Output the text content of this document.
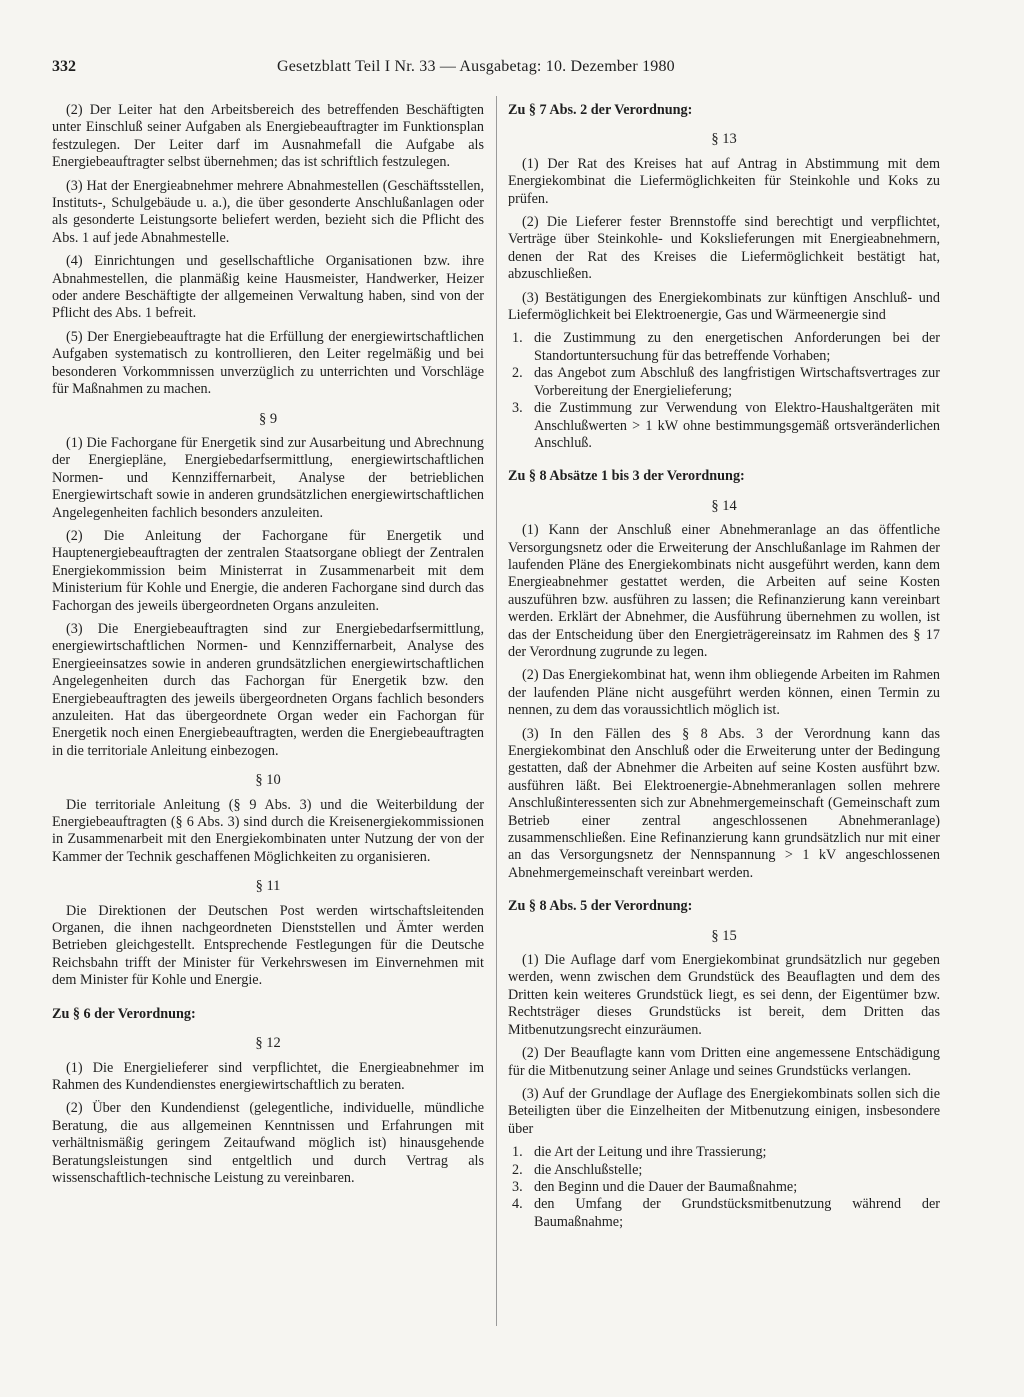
332	Gesetzblatt Teil I Nr. 33 — Ausgabetag: 10. Dezember 1980

(2) Der Leiter hat den Arbeitsbereich des betreffenden Beschäftigten unter Einschluß seiner Aufgaben als Energiebeauftragter im Funktionsplan festzulegen. Der Leiter darf im Ausnahmefall die Aufgabe als Energiebeauftragter selbst übernehmen; das ist schriftlich festzulegen.

(3) Hat der Energieabnehmer mehrere Abnahmestellen (Geschäftsstellen, Instituts-, Schulgebäude u. a.), die über gesonderte Anschlußanlagen oder als gesonderte Leistungsorte beliefert werden, bezieht sich die Pflicht des Abs. 1 auf jede Abnahmestelle.

(4) Einrichtungen und gesellschaftliche Organisationen bzw. ihre Abnahmestellen, die planmäßig keine Hausmeister, Handwerker, Heizer oder andere Beschäftigte der allgemeinen Verwaltung haben, sind von der Pflicht des Abs. 1 befreit.

(5) Der Energiebeauftragte hat die Erfüllung der energiewirtschaftlichen Aufgaben systematisch zu kontrollieren, den Leiter regelmäßig und bei besonderen Vorkommnissen unverzüglich zu unterrichten und Vorschläge für Maßnahmen zu machen.

§ 9

(1) Die Fachorgane für Energetik sind zur Ausarbeitung und Abrechnung der Energiepläne, Energiebedarfsermittlung, energiewirtschaftlichen Normen- und Kennziffernarbeit, Analyse der betrieblichen Energiewirtschaft sowie in anderen grundsätzlichen energiewirtschaftlichen Angelegenheiten fachlich besonders anzuleiten.

(2) Die Anleitung der Fachorgane für Energetik und Hauptenergiebeauftragten der zentralen Staatsorgane obliegt der Zentralen Energiekommission beim Ministerrat in Zusammenarbeit mit dem Ministerium für Kohle und Energie, die anderen Fachorgane sind durch das Fachorgan des jeweils übergeordneten Organs anzuleiten.

(3) Die Energiebeauftragten sind zur Energiebedarfsermittlung, energiewirtschaftlichen Normen- und Kennziffernarbeit, Analyse des Energieeinsatzes sowie in anderen grundsätzlichen energiewirtschaftlichen Angelegenheiten durch das Fachorgan für Energetik bzw. den Energiebeauftragten des jeweils übergeordneten Organs fachlich besonders anzuleiten. Hat das übergeordnete Organ weder ein Fachorgan für Energetik noch einen Energiebeauftragten, werden die Energiebeauftragten in die territoriale Anleitung einbezogen.

§ 10

Die territoriale Anleitung (§ 9 Abs. 3) und die Weiterbildung der Energiebeauftragten (§ 6 Abs. 3) sind durch die Kreisenergiekommissionen in Zusammenarbeit mit den Energiekombinaten unter Nutzung der von der Kammer der Technik geschaffenen Möglichkeiten zu organisieren.

§ 11

Die Direktionen der Deutschen Post werden wirtschaftsleitenden Organen, die ihnen nachgeordneten Dienststellen und Ämter werden Betrieben gleichgestellt. Entsprechende Festlegungen für die Deutsche Reichsbahn trifft der Minister für Verkehrswesen im Einvernehmen mit dem Minister für Kohle und Energie.

Zu § 6 der Verordnung:
§ 12

(1) Die Energielieferer sind verpflichtet, die Energieabnehmer im Rahmen des Kundendienstes energiewirtschaftlich zu beraten.

(2) Über den Kundendienst (gelegentliche, individuelle, mündliche Beratung, die aus allgemeinen Kenntnissen und Erfahrungen mit verhältnismäßig geringem Zeitaufwand möglich ist) hinausgehende Beratungsleistungen sind entgeltlich und durch Vertrag als wissenschaftlich-technische Leistung zu vereinbaren.

Zu § 7 Abs. 2 der Verordnung:
§ 13

(1) Der Rat des Kreises hat auf Antrag in Abstimmung mit dem Energiekombinat die Liefermöglichkeiten für Steinkohle und Koks zu prüfen.

(2) Die Lieferer fester Brennstoffe sind berechtigt und verpflichtet, Verträge über Steinkohle- und Kokslieferungen mit Energieabnehmern, denen der Rat des Kreises die Liefermöglichkeit bestätigt hat, abzuschließen.

(3) Bestätigungen des Energiekombinats zur künftigen Anschluß- und Liefermöglichkeit bei Elektroenergie, Gas und Wärmeenergie sind

1. die Zustimmung zu den energetischen Anforderungen bei der Standortuntersuchung für das betreffende Vorhaben;
2. das Angebot zum Abschluß des langfristigen Wirtschaftsvertrages zur Vorbereitung der Energielieferung;
3. die Zustimmung zur Verwendung von Elektro-Haushaltgeräten mit Anschlußwerten > 1 kW ohne bestimmungsgemäß ortsveränderlichen Anschluß.
Zu § 8 Absätze 1 bis 3 der Verordnung:
§ 14

(1) Kann der Anschluß einer Abnehmeranlage an das öffentliche Versorgungsnetz oder die Erweiterung der Anschlußanlage im Rahmen der laufenden Pläne des Energiekombinats nicht ausgeführt werden, kann dem Energieabnehmer gestattet werden, die Arbeiten auf seine Kosten auszuführen bzw. ausführen zu lassen; die Refinanzierung kann vereinbart werden. Erklärt der Abnehmer, die Ausführung übernehmen zu wollen, ist das der Entscheidung über den Energieträgereinsatz im Rahmen des § 17 der Verordnung zugrunde zu legen.

(2) Das Energiekombinat hat, wenn ihm obliegende Arbeiten im Rahmen der laufenden Pläne nicht ausgeführt werden können, einen Termin zu nennen, zu dem das voraussichtlich möglich ist.

(3) In den Fällen des § 8 Abs. 3 der Verordnung kann das Energiekombinat den Anschluß oder die Erweiterung unter der Bedingung gestatten, daß der Abnehmer die Arbeiten auf seine Kosten ausführt bzw. ausführen läßt. Bei Elektroenergie-Abnehmeranlagen sollen mehrere Anschlußinteressenten sich zur Abnehmergemeinschaft (Gemeinschaft zum Betrieb einer zentral angeschlossenen Abnehmeranlage) zusammenschließen. Eine Refinanzierung kann grundsätzlich nur mit einer an das Versorgungsnetz der Nennspannung > 1 kV angeschlossenen Abnehmergemeinschaft vereinbart werden.

Zu § 8 Abs. 5 der Verordnung:
§ 15

(1) Die Auflage darf vom Energiekombinat grundsätzlich nur gegeben werden, wenn zwischen dem Grundstück des Beauflagten und dem des Dritten kein weiteres Grundstück liegt, es sei denn, der Eigentümer bzw. Rechtsträger dieses Grundstücks ist bereit, dem Dritten das Mitbenutzungsrecht einzuräumen.

(2) Der Beauflagte kann vom Dritten eine angemessene Entschädigung für die Mitbenutzung seiner Anlage und seines Grundstücks verlangen.

(3) Auf der Grundlage der Auflage des Energiekombinats sollen sich die Beteiligten über die Einzelheiten der Mitbenutzung einigen, insbesondere über

1. die Art der Leitung und ihre Trassierung;
2. die Anschlußstelle;
3. den Beginn und die Dauer der Baumaßnahme;
4. den Umfang der Grundstücksmitbenutzung während der Baumaßnahme;
